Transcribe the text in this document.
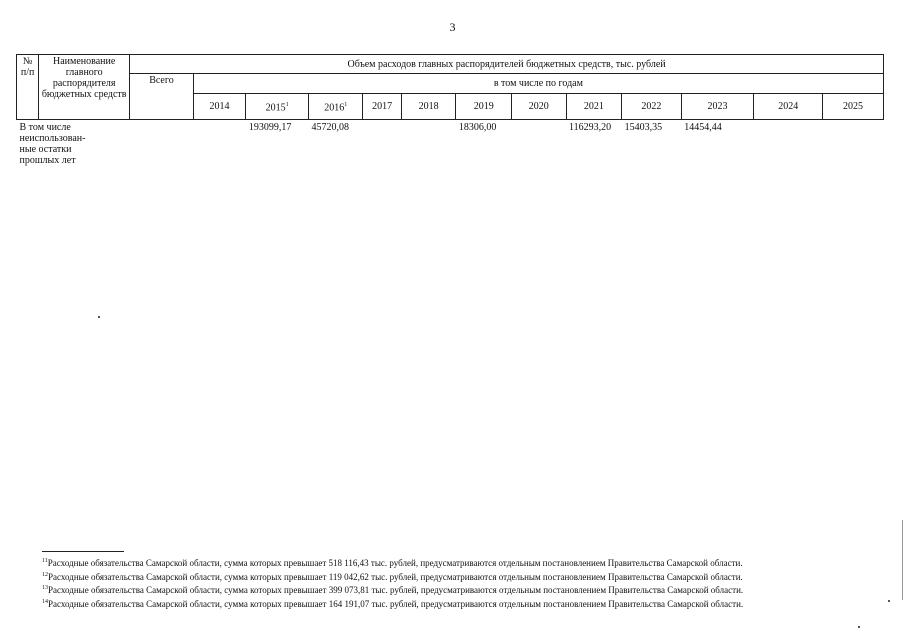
3
№ п/п	Наименование главного распорядителя бюджетных средств	Объем расходов главных распорядителей бюджетных средств, тыс. рублей												
		Всего	в том числе по годам											
			2014	2015$^1$	2016$^1$	2017	2018	2019	2020	2021	2022	2023	2024	2025

В том числе
неиспользован-
ные остатки
прошлых лет				193099,17	45720,08			18306,00		116293,20	15403,35	14454,44		
$^{11}$Расходные обязательства Самарской области, сумма которых превышает 518 116,43 тыс. рублей, предусматриваются отдельным постановлением Правительства Самарской области.
$^{12}$Расходные обязательства Самарской области, сумма которых превышает 119 042,62 тыс. рублей, предусматриваются отдельным постановлением Правительства Самарской области.
$^{13}$Расходные обязательства Самарской области, сумма которых превышает 399 073,81 тыс. рублей, предусматриваются отдельным постановлением Правительства Самарской области.
$^{14}$Расходные обязательства Самарской области, сумма которых превышает 164 191,07 тыс. рублей, предусматриваются отдельным постановлением Правительства Самарской области.
